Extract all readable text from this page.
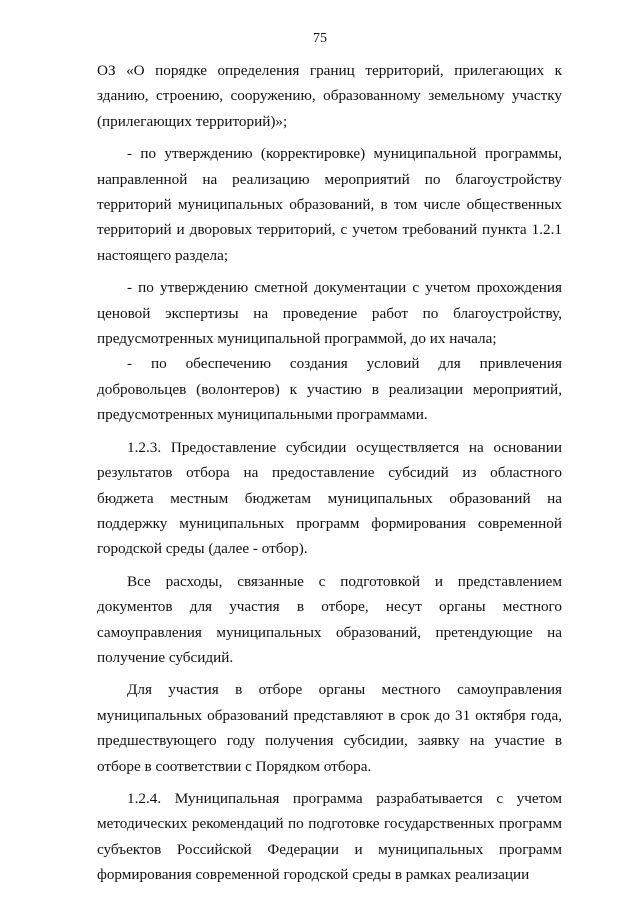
75

ОЗ «О порядке определения границ территорий, прилегающих к зданию, строению, сооружению, образованному земельному участку (прилегающих территорий)»;

- по утверждению (корректировке) муниципальной программы, направленной на реализацию мероприятий по благоустройству территорий муниципальных образований, в том числе общественных территорий и дворовых территорий, с учетом требований пункта 1.2.1 настоящего раздела;

- по утверждению сметной документации с учетом прохождения ценовой экспертизы на проведение работ по благоустройству, предусмотренных муниципальной программой, до их начала;

- по обеспечению создания условий для привлечения добровольцев (волонтеров) к участию в реализации мероприятий, предусмотренных муниципальными программами.

1.2.3. Предоставление субсидии осуществляется на основании результатов отбора на предоставление субсидий из областного бюджета местным бюджетам муниципальных образований на поддержку муниципальных программ формирования современной городской среды (далее - отбор).

Все расходы, связанные с подготовкой и представлением документов для участия в отборе, несут органы местного самоуправления муниципальных образований, претендующие на получение субсидий.

Для участия в отборе органы местного самоуправления муниципальных образований представляют в срок до 31 октября года, предшествующего году получения субсидии, заявку на участие в отборе в соответствии с Порядком отбора.

1.2.4. Муниципальная программа разрабатывается с учетом методических рекомендаций по подготовке государственных программ субъектов Российской Федерации и муниципальных программ формирования современной городской среды в рамках реализации
